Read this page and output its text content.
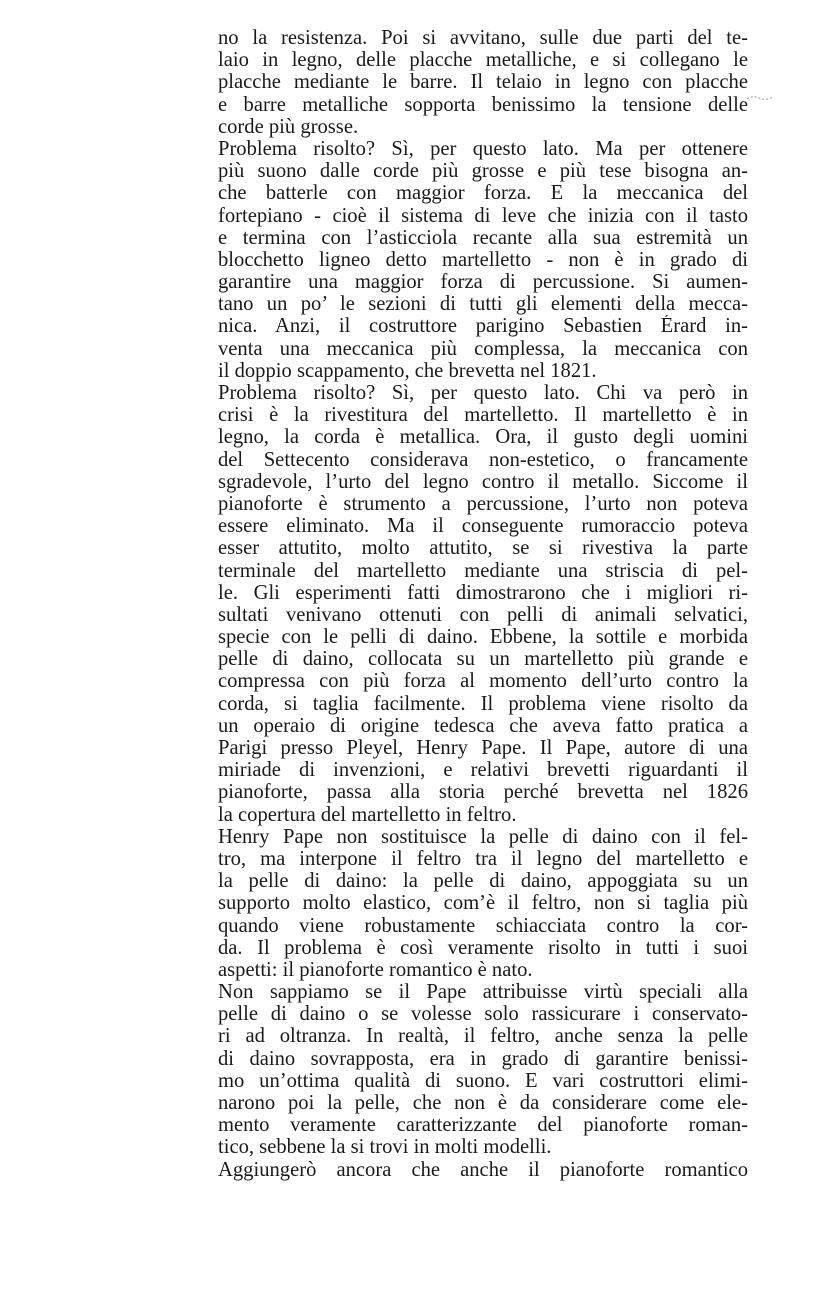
no la resistenza. Poi si avvitano, sulle due parti del te-
laio in legno, delle placche metalliche, e si collegano le
placche mediante le barre. Il telaio in legno con placche
e barre metalliche sopporta benissimo la tensione delle
corde più grosse.
Problema risolto? Sì, per questo lato. Ma per ottenere
più suono dalle corde più grosse e più tese bisogna an-
che batterle con maggior forza. E la meccanica del
fortepiano - cioè il sistema di leve che inizia con il tasto
e termina con l’asticciola recante alla sua estremità un
blocchetto ligneo detto martelletto - non è in grado di
garantire una maggior forza di percussione. Si aumen-
tano un po’ le sezioni di tutti gli elementi della mecca-
nica. Anzi, il costruttore parigino Sebastien Érard in-
venta una meccanica più complessa, la meccanica con
il doppio scappamento, che brevetta nel 1821.
Problema risolto? Sì, per questo lato. Chi va però in
crisi è la rivestitura del martelletto. Il martelletto è in
legno, la corda è metallica. Ora, il gusto degli uomini
del Settecento considerava non-estetico, o francamente
sgradevole, l’urto del legno contro il metallo. Siccome il
pianoforte è strumento a percussione, l’urto non poteva
essere eliminato. Ma il conseguente rumoraccio poteva
esser attutito, molto attutito, se si rivestiva la parte
terminale del martelletto mediante una striscia di pel-
le. Gli esperimenti fatti dimostrarono che i migliori ri-
sultati venivano ottenuti con pelli di animali selvatici,
specie con le pelli di daino. Ebbene, la sottile e morbida
pelle di daino, collocata su un martelletto più grande e
compressa con più forza al momento dell’urto contro la
corda, si taglia facilmente. Il problema viene risolto da
un operaio di origine tedesca che aveva fatto pratica a
Parigi presso Pleyel, Henry Pape. Il Pape, autore di una
miriade di invenzioni, e relativi brevetti riguardanti il
pianoforte, passa alla storia perché brevetta nel 1826
la copertura del martelletto in feltro.
Henry Pape non sostituisce la pelle di daino con il fel-
tro, ma interpone il feltro tra il legno del martelletto e
la pelle di daino: la pelle di daino, appoggiata su un
supporto molto elastico, com’è il feltro, non si taglia più
quando viene robustamente schiacciata contro la cor-
da. Il problema è così veramente risolto in tutti i suoi
aspetti: il pianoforte romantico è nato.
Non sappiamo se il Pape attribuisse virtù speciali alla
pelle di daino o se volesse solo rassicurare i conservato-
ri ad oltranza. In realtà, il feltro, anche senza la pelle
di daino sovrapposta, era in grado di garantire benissi-
mo un’ottima qualità di suono. E vari costruttori elimi-
narono poi la pelle, che non è da considerare come ele-
mento veramente caratterizzante del pianoforte roman-
tico, sebbene la si trovi in molti modelli.
Aggiungerò ancora che anche il pianoforte romantico
